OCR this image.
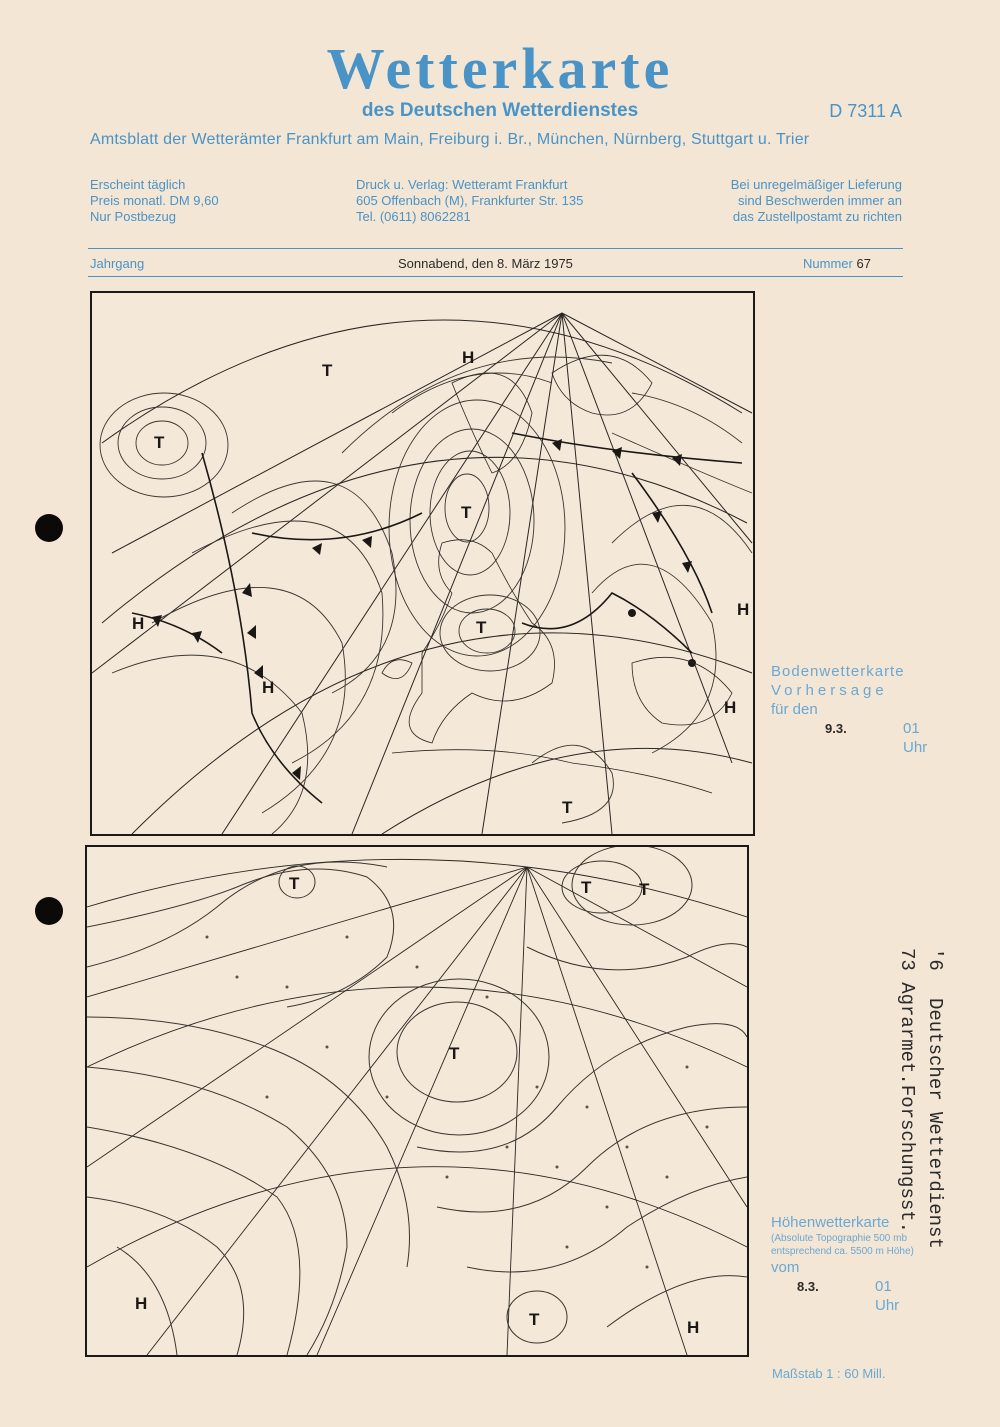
Wetterkarte
des Deutschen Wetterdienstes	D 7311 A
Amtsblatt der Wetterämter Frankfurt am Main, Freiburg i. Br., München, Nürnberg, Stuttgart u. Trier
Erscheint täglich
Preis monatl. DM 9,60
Nur Postbezug
Druck u. Verlag: Wetteramt Frankfurt
605 Offenbach (M), Frankfurter Str. 135
Tel. (0611) 8062281
Bei unregelmäßiger Lieferung
sind Beschwerden immer an
das Zustellpostamt zu richten
Jahrgang	Sonnabend, den 8. März 1975	Nummer 67
T
T
T
T
H
H
H
H
H
T
Bodenwetterkarte
Vorhersage
für den
9.3.	01 Uhr
T	T	T
T
T
H
H
Höhenwetterkarte
(Absolute Topographie 500 mb
entsprechend ca. 5500 m Höhe)
vom
8.3.	01 Uhr
Maßstab 1 : 60 Mill.
Deutscher Wetterdienst
73 Agrarmet.Forschungsst. '6
